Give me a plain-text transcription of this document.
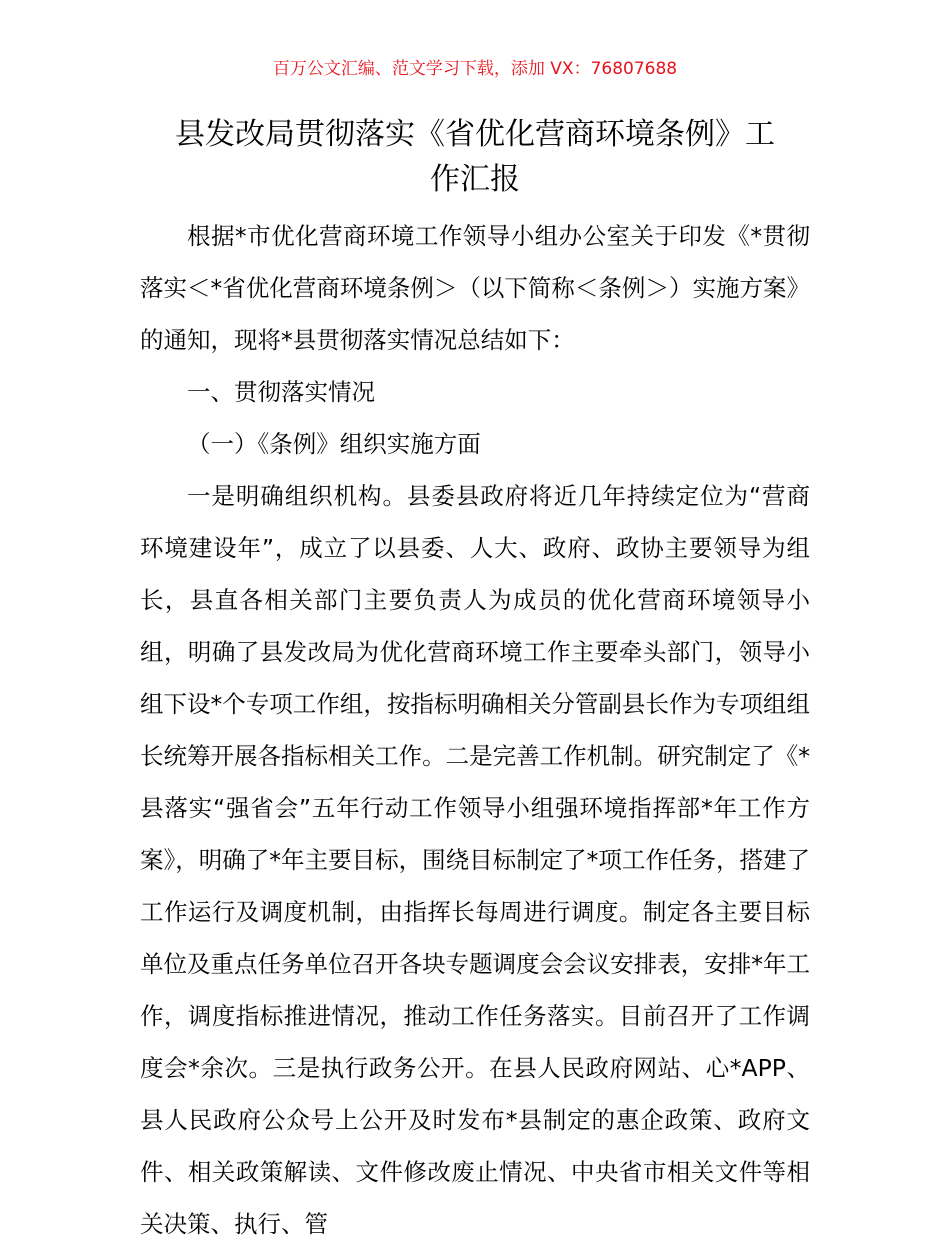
百万公文汇编、范文学习下载，添加 VX：76807688
县发改局贯彻落实《省优化营商环境条例》工
作汇报

根据*市优化营商环境工作领导小组办公室关于印发《*贯彻落实＜*省优化营商环境条例＞（以下简称＜条例＞）实施方案》的通知，现将*县贯彻落实情况总结如下：

一、贯彻落实情况

（一）《条例》组织实施方面

一是明确组织机构。县委县政府将近几年持续定位为“营商环境建设年”，成立了以县委、人大、政府、政协主要领导为组长，县直各相关部门主要负责人为成员的优化营商环境领导小组，明确了县发改局为优化营商环境工作主要牵头部门，领导小组下设*个专项工作组，按指标明确相关分管副县长作为专项组组长统筹开展各指标相关工作。二是完善工作机制。研究制定了《*县落实“强省会”五年行动工作领导小组强环境指挥部*年工作方案》，明确了*年主要目标，围绕目标制定了*项工作任务，搭建了工作运行及调度机制，由指挥长每周进行调度。制定各主要目标单位及重点任务单位召开各块专题调度会会议安排表，安排*年工作，调度指标推进情况，推动工作任务落实。目前召开了工作调度会*余次。三是执行政务公开。在县人民政府网站、心*APP、县人民政府公众号上公开及时发布*县制定的惠企政策、政府文件、相关政策解读、文件修改废止情况、中央省市相关文件等相关决策、执行、管
